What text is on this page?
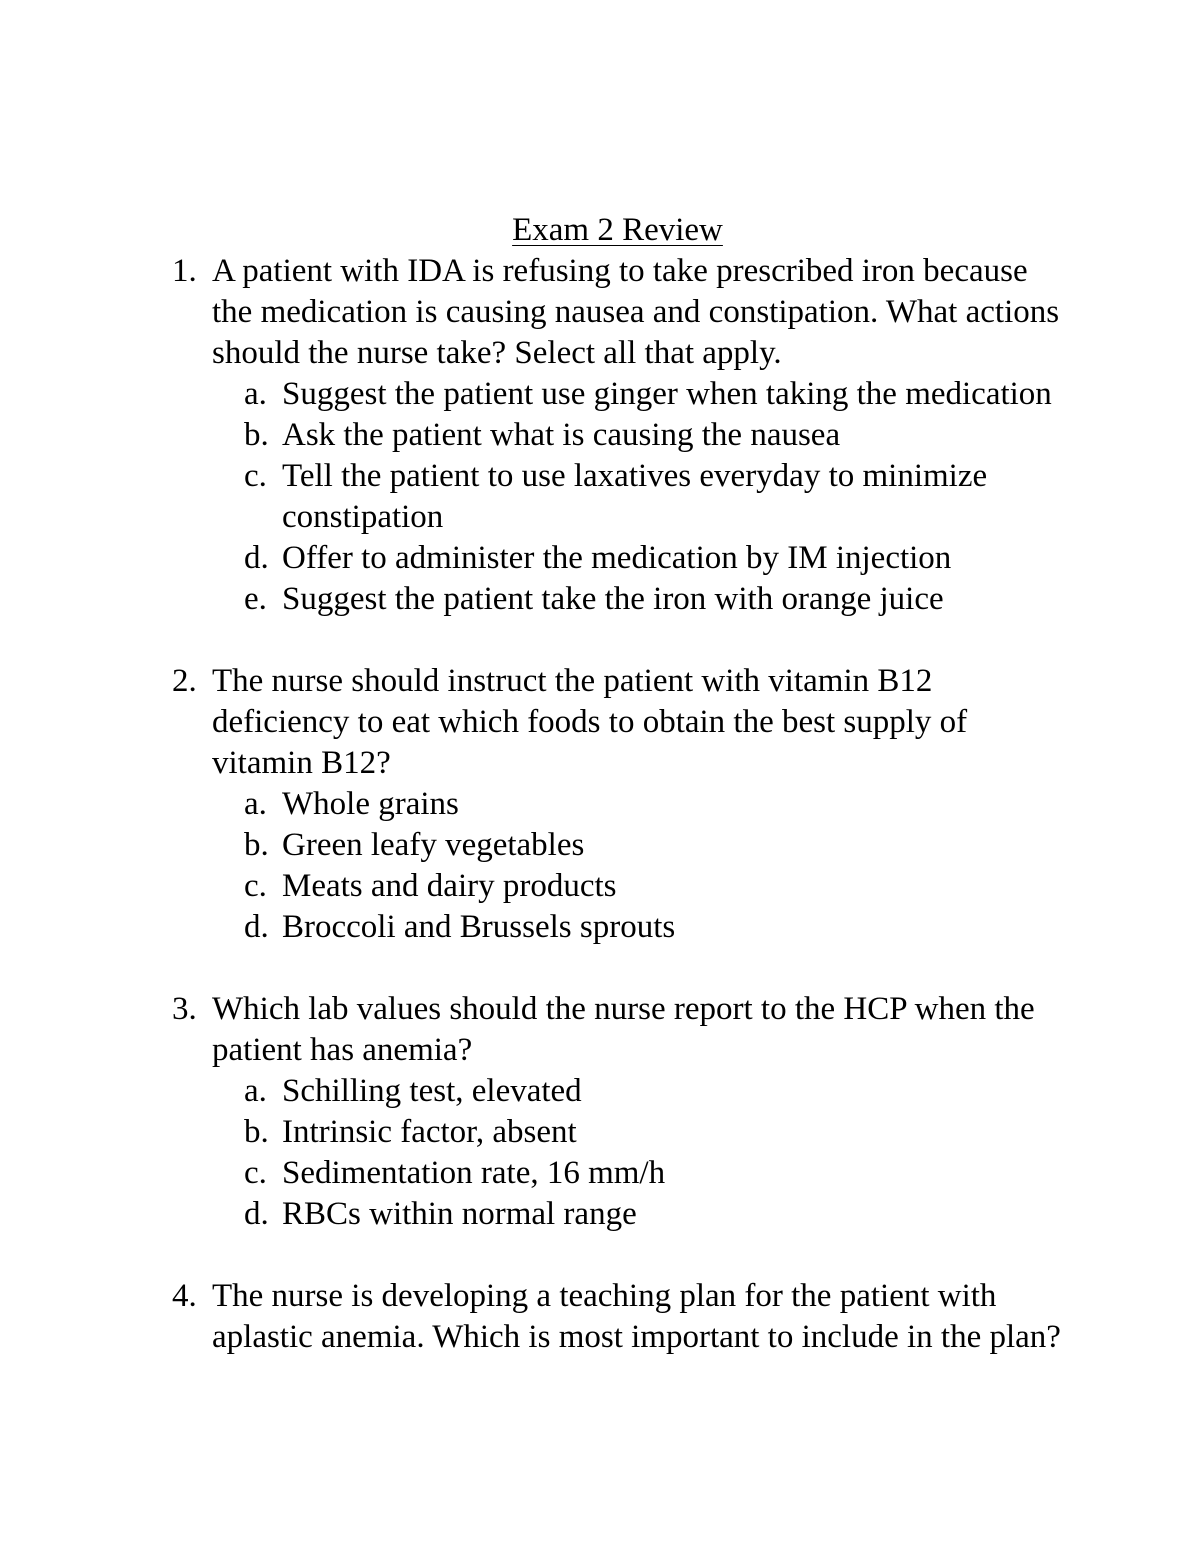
Exam 2 Review
1. A patient with IDA is refusing to take prescribed iron because the medication is causing nausea and constipation. What actions should the nurse take? Select all that apply.
a. Suggest the patient use ginger when taking the medication
b. Ask the patient what is causing the nausea
c. Tell the patient to use laxatives everyday to minimize constipation
d. Offer to administer the medication by IM injection
e. Suggest the patient take the iron with orange juice
2. The nurse should instruct the patient with vitamin B12 deficiency to eat which foods to obtain the best supply of vitamin B12?
a. Whole grains
b. Green leafy vegetables
c. Meats and dairy products
d. Broccoli and Brussels sprouts
3. Which lab values should the nurse report to the HCP when the patient has anemia?
a. Schilling test, elevated
b. Intrinsic factor, absent
c. Sedimentation rate, 16 mm/h
d. RBCs within normal range
4. The nurse is developing a teaching plan for the patient with aplastic anemia. Which is most important to include in the plan?
